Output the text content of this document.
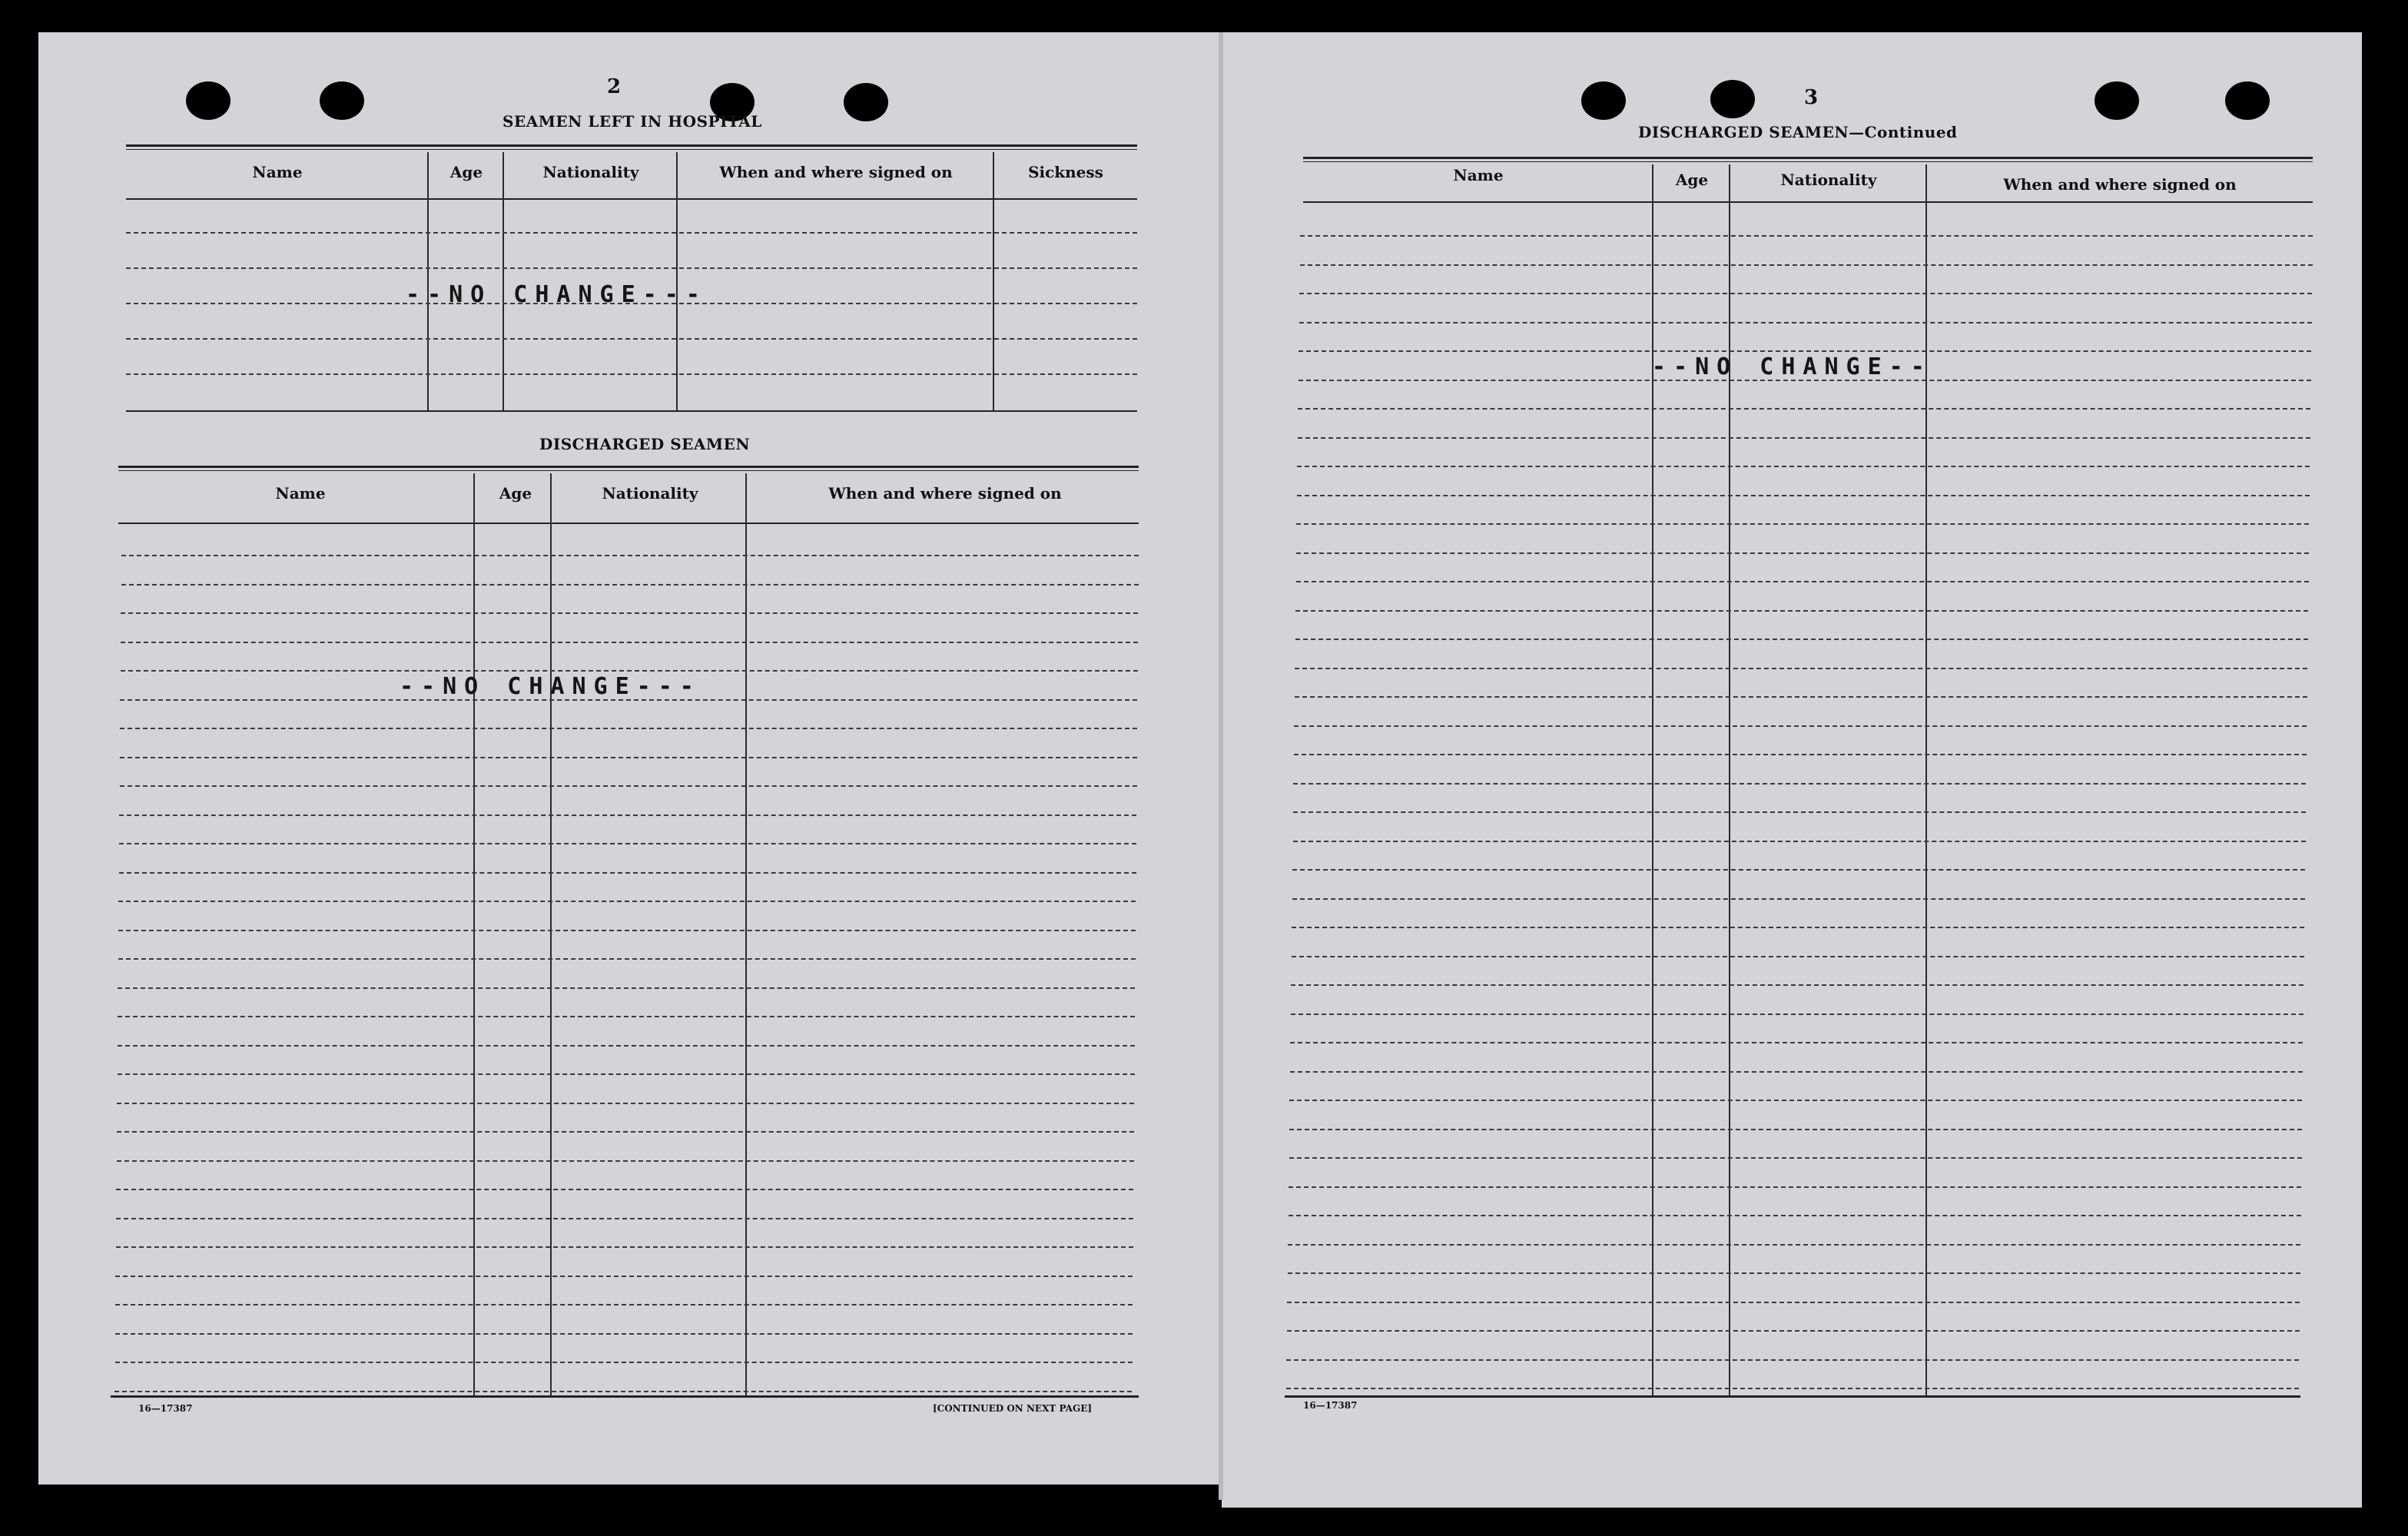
2
SEAMEN LEFT IN HOSPITAL
Name	Age	Nationality	When and where signed on	Sickness
--NO CHANGE---
DISCHARGED SEAMEN
Name	Age	Nationality	When and where signed on
--NO CHANGE---
16—17387	[CONTINUED ON NEXT PAGE]
3
DISCHARGED SEAMEN—Continued
Name	Age	Nationality	When and where signed on
--NO CHANGE--
16—17387
